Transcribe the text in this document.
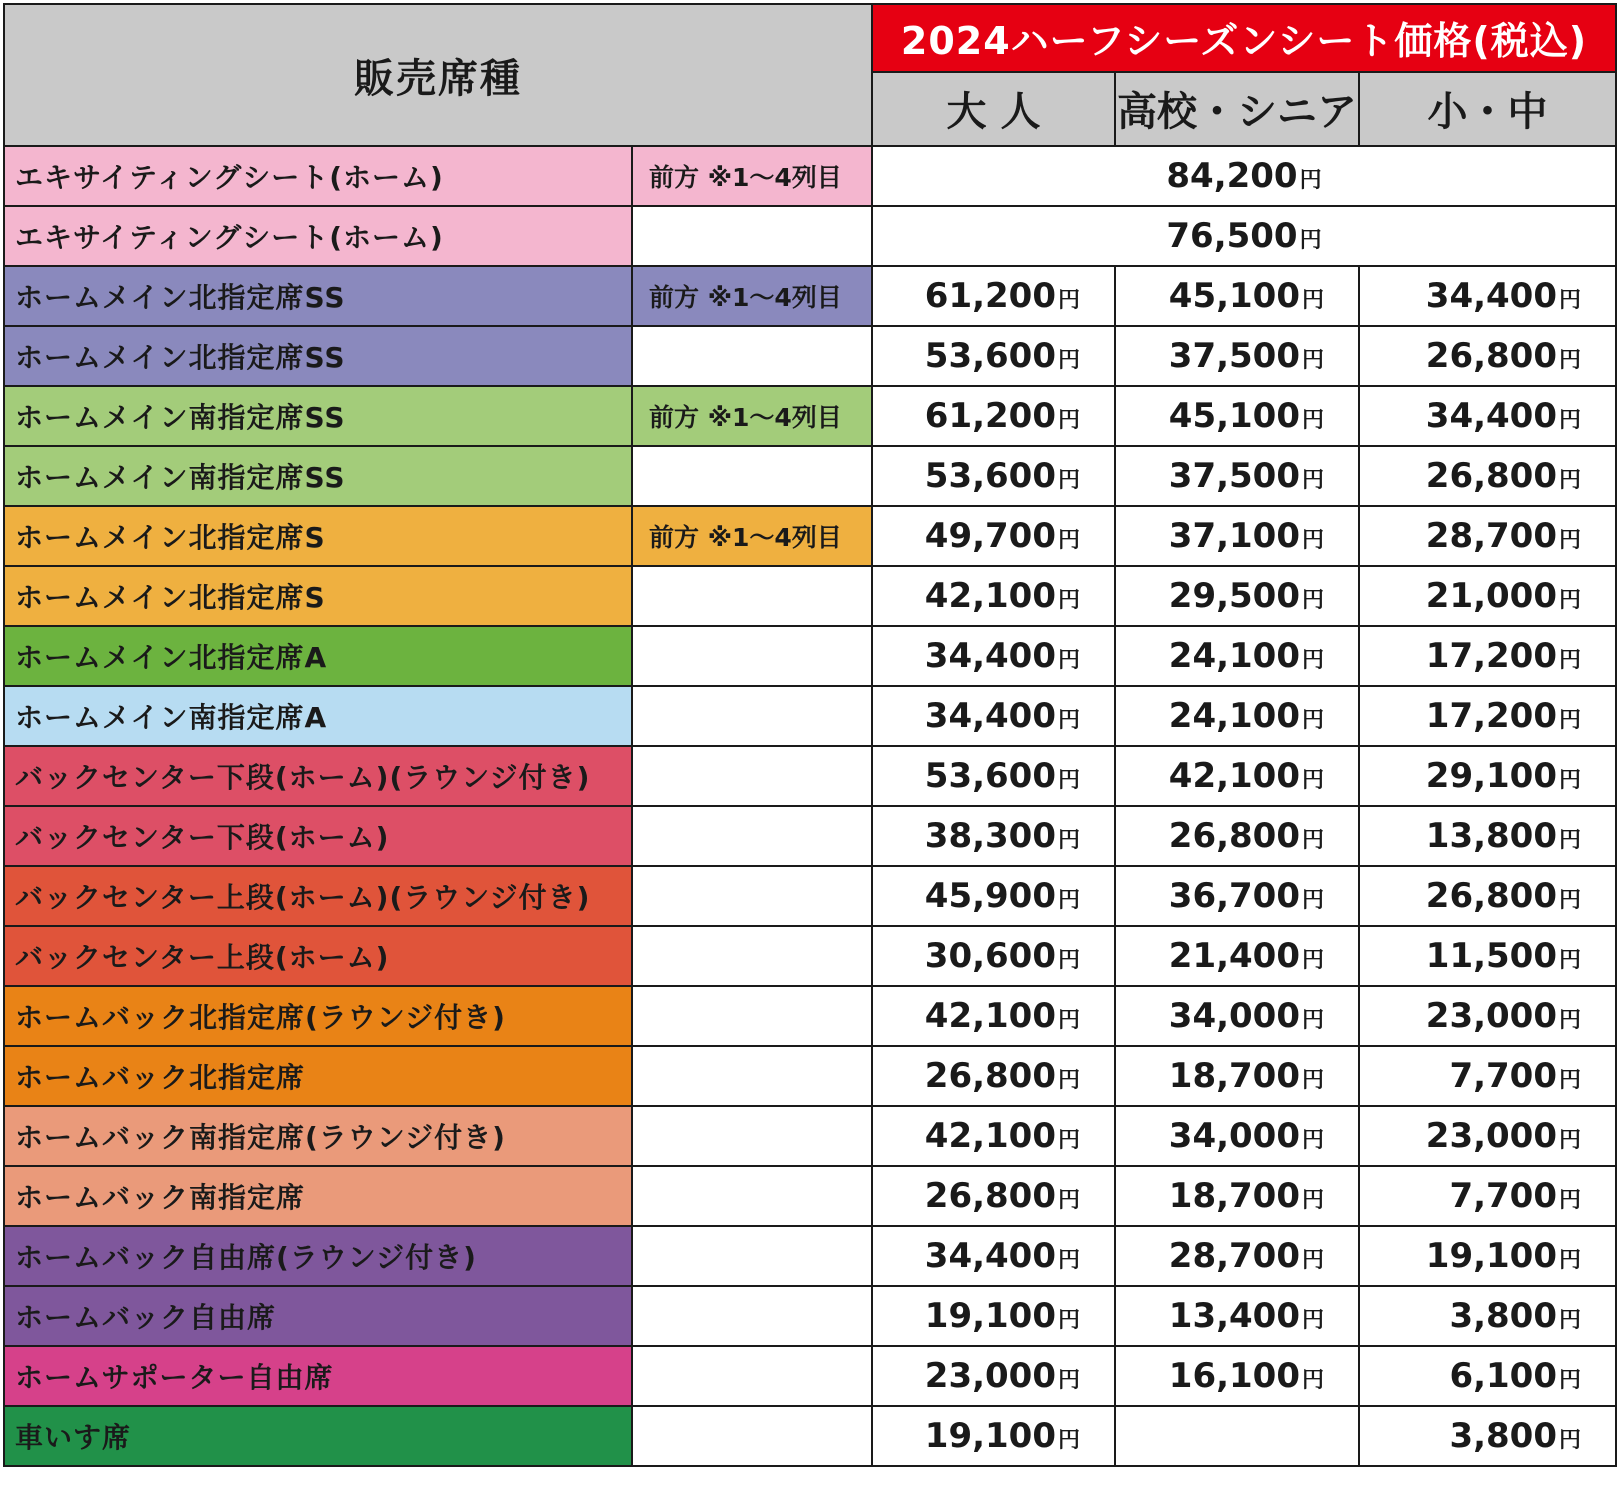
販売席種		2024ハーフシーズンシート価格(税込)		
		大 人	高校・シニア	小・中
エキサイティングシート(ホーム)	前方 ※1〜4列目	84,200円		
エキサイティングシート(ホーム)		76,500円		
ホームメイン北指定席SS	前方 ※1〜4列目	61,200円	45,100円	34,400円
ホームメイン北指定席SS		53,600円	37,500円	26,800円
ホームメイン南指定席SS	前方 ※1〜4列目	61,200円	45,100円	34,400円
ホームメイン南指定席SS		53,600円	37,500円	26,800円
ホームメイン北指定席S	前方 ※1〜4列目	49,700円	37,100円	28,700円
ホームメイン北指定席S		42,100円	29,500円	21,000円
ホームメイン北指定席A		34,400円	24,100円	17,200円
ホームメイン南指定席A		34,400円	24,100円	17,200円
バックセンター下段(ホーム)(ラウンジ付き)		53,600円	42,100円	29,100円
バックセンター下段(ホーム)		38,300円	26,800円	13,800円
バックセンター上段(ホーム)(ラウンジ付き)		45,900円	36,700円	26,800円
バックセンター上段(ホーム)		30,600円	21,400円	11,500円
ホームバック北指定席(ラウンジ付き)		42,100円	34,000円	23,000円
ホームバック北指定席		26,800円	18,700円	7,700円
ホームバック南指定席(ラウンジ付き)		42,100円	34,000円	23,000円
ホームバック南指定席		26,800円	18,700円	7,700円
ホームバック自由席(ラウンジ付き)		34,400円	28,700円	19,100円
ホームバック自由席		19,100円	13,400円	3,800円
ホームサポーター自由席		23,000円	16,100円	6,100円
車いす席		19,100円		3,800円
